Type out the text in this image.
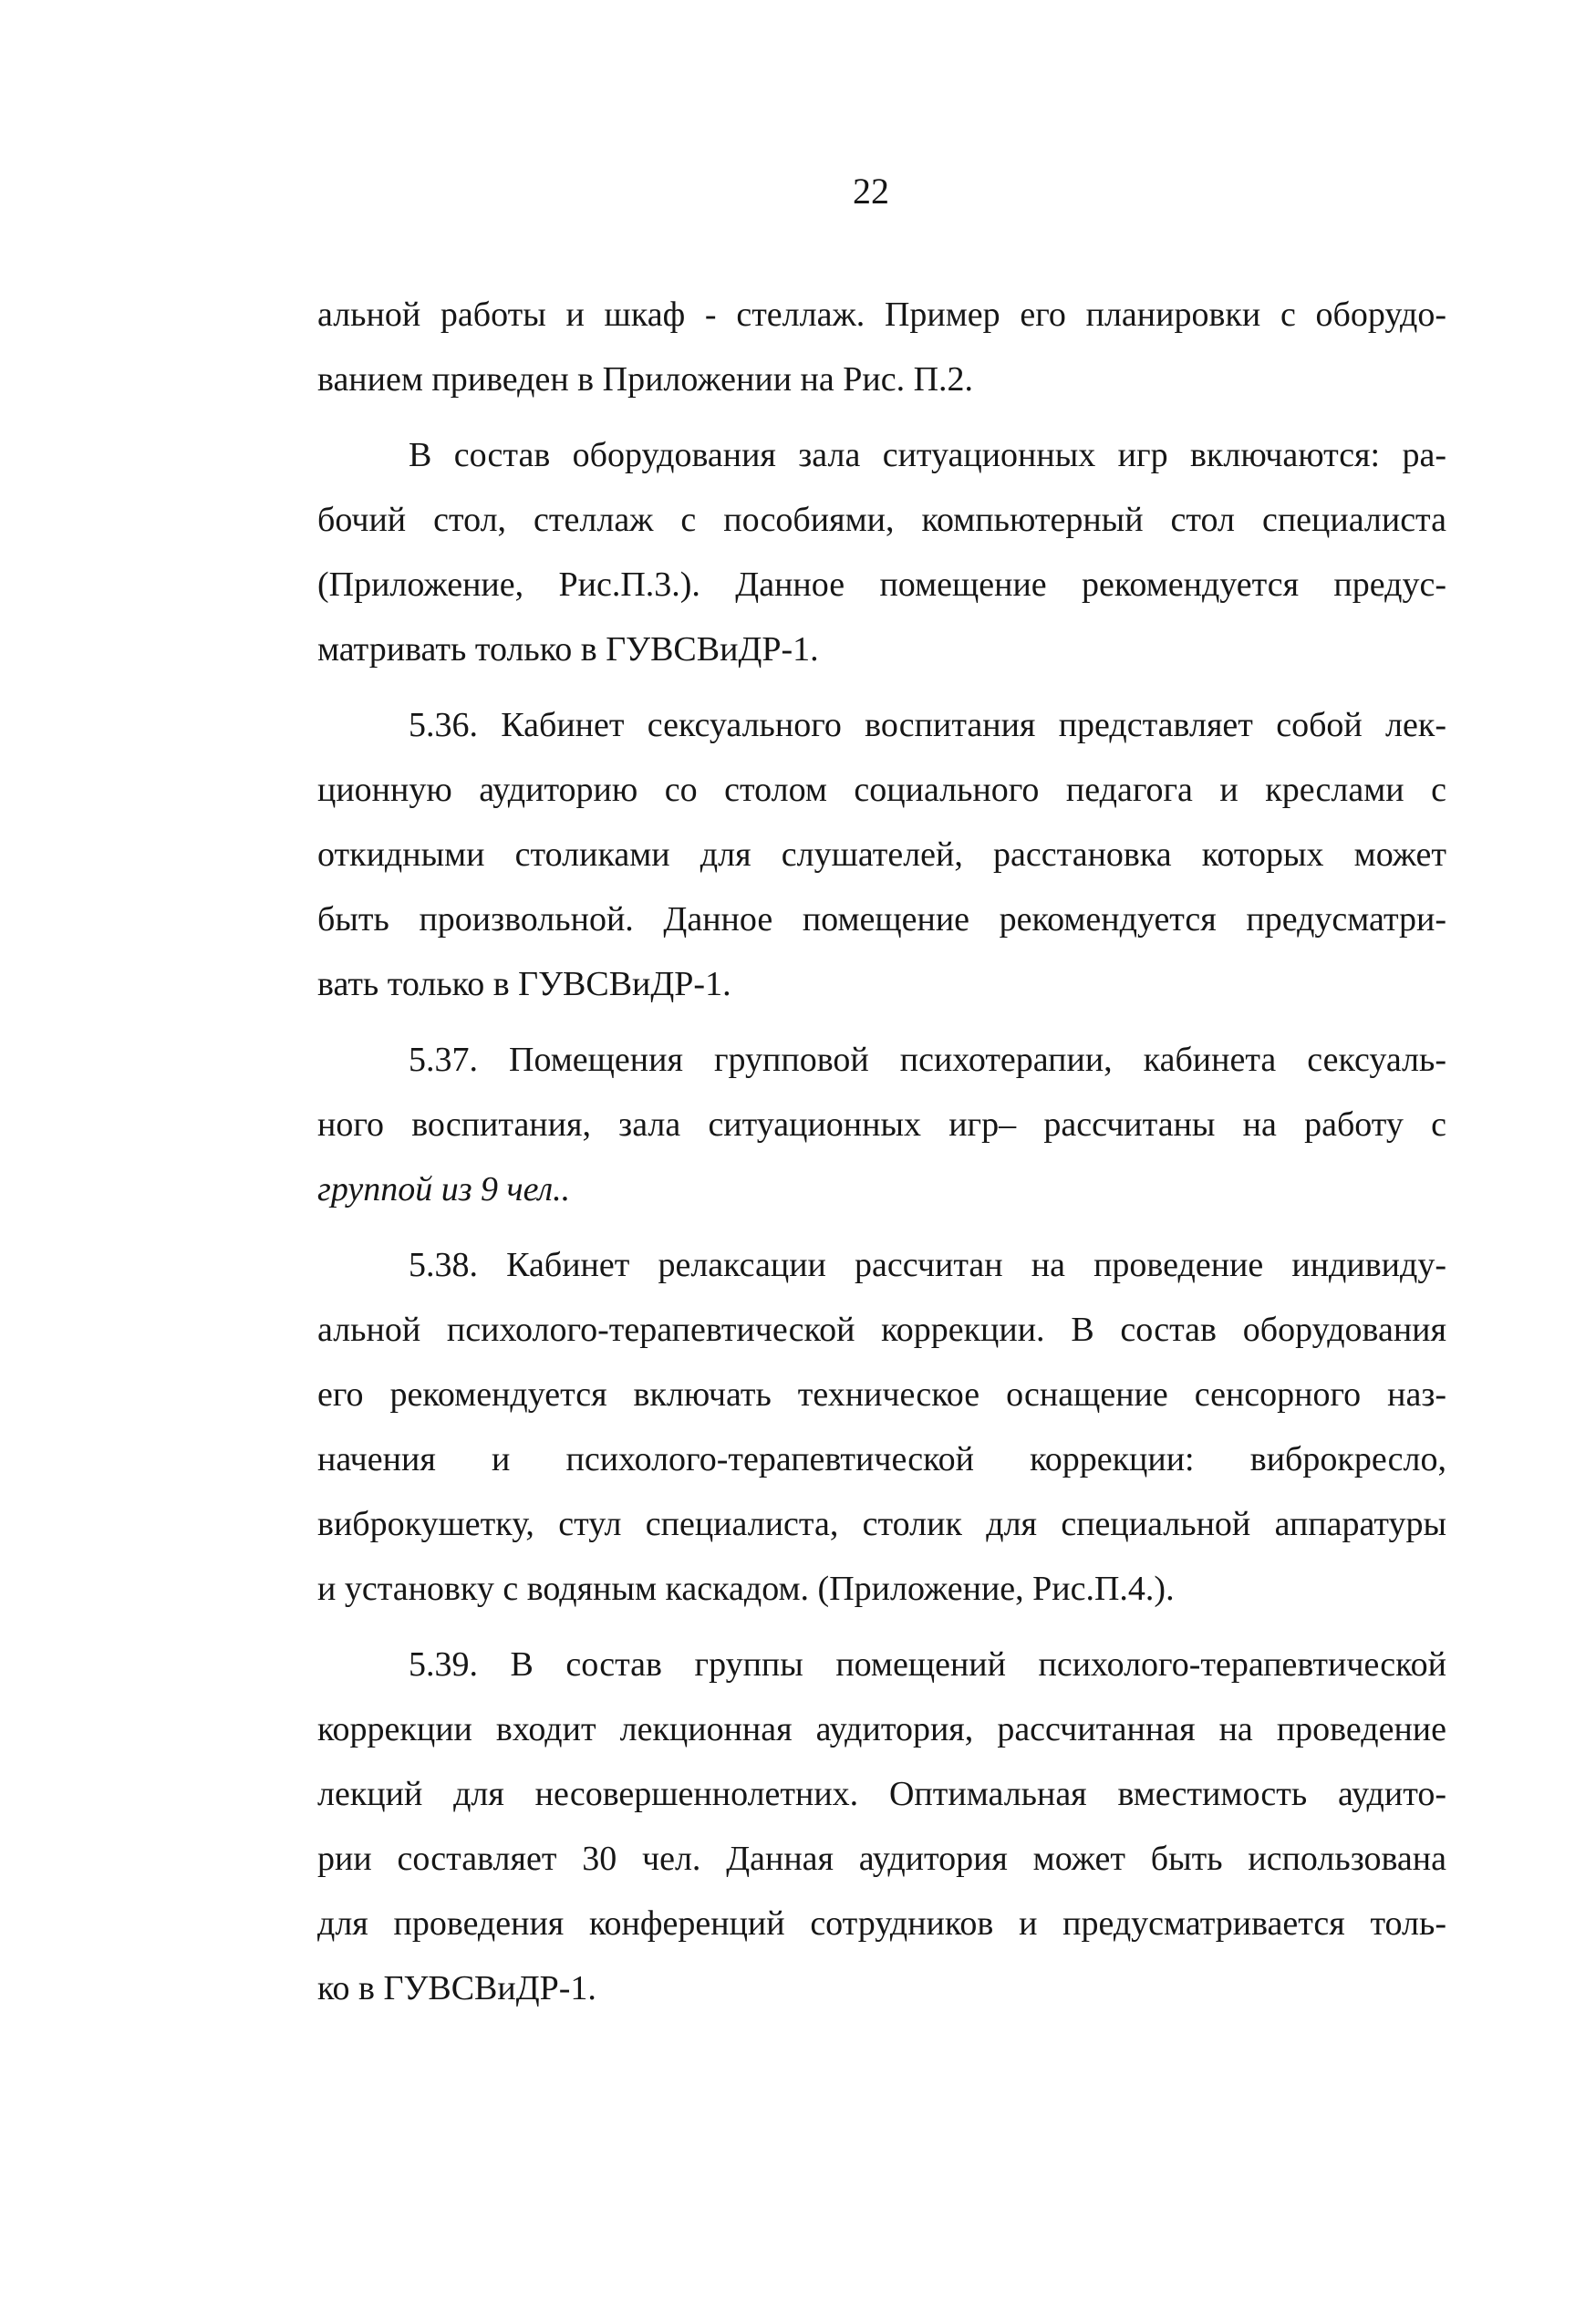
22

альной работы и шкаф - стеллаж. Пример его планировки с оборудо-
ванием приведен в Приложении на Рис. П.2.

В состав оборудования зала ситуационных игр включаются: ра-
бочий стол, стеллаж с пособиями, компьютерный стол специалиста
(Приложение, Рис.П.3.). Данное помещение рекомендуется предус-
матривать только в ГУВСВиДР-1.

5.36. Кабинет сексуального воспитания представляет собой лек-
ционную аудиторию со столом социального педагога и креслами с
откидными столиками для слушателей, расстановка которых может
быть произвольной. Данное помещение рекомендуется предусматри-
вать только в ГУВСВиДР-1.

5.37. Помещения групповой психотерапии, кабинета сексуаль-
ного воспитания, зала ситуационных игр– рассчитаны на работу с
группой из 9 чел..

5.38. Кабинет релаксации рассчитан на проведение индивиду-
альной психолого-терапевтической коррекции. В состав оборудования
его рекомендуется включать техническое оснащение сенсорного наз-
начения и психолого-терапевтической коррекции: виброкресло,
виброкушетку, стул специалиста, столик для специальной аппаратуры
и установку с водяным каскадом. (Приложение, Рис.П.4.).

5.39. В состав группы помещений психолого-терапевтической
коррекции входит лекционная аудитория, рассчитанная на проведение
лекций для несовершеннолетних. Оптимальная вместимость аудито-
рии составляет 30 чел. Данная аудитория может быть использована
для проведения конференций сотрудников и предусматривается толь-
ко в ГУВСВиДР-1.
